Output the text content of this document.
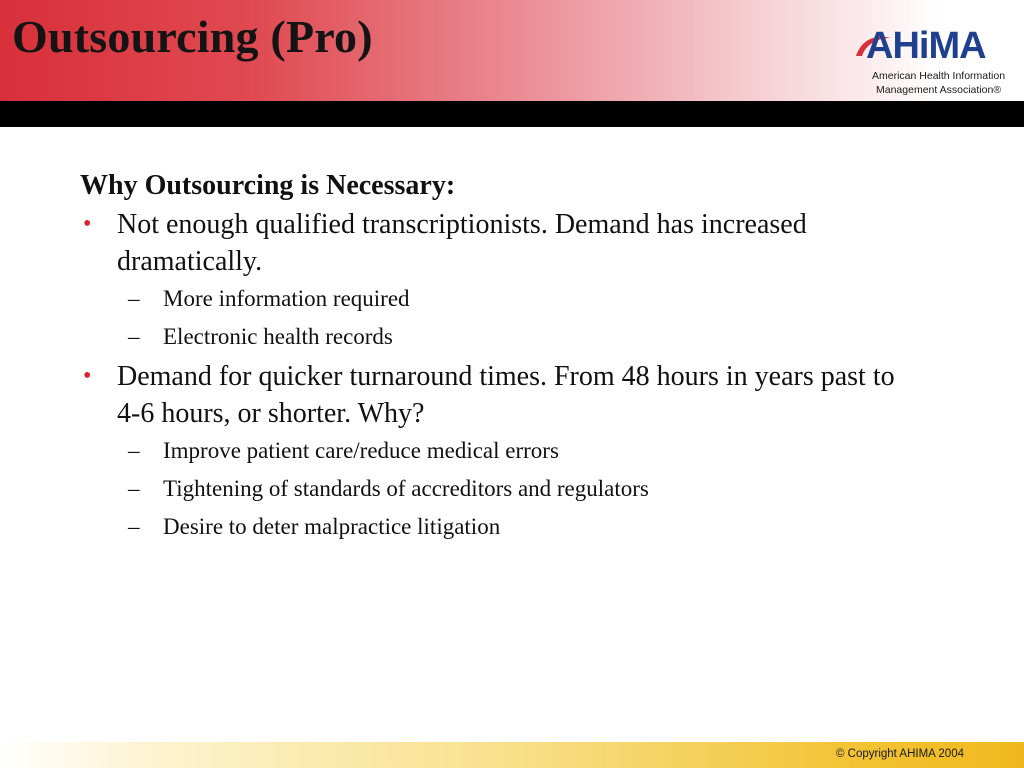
Outsourcing (Pro)	AHiMA
American Health Information
Management Association®
Why Outsourcing is Necessary:
• Not enough qualified transcriptionists. Demand has increased dramatically.
– More information required
– Electronic health records
• Demand for quicker turnaround times. From 48 hours in years past to 4-6 hours, or shorter. Why?
– Improve patient care/reduce medical errors
– Tightening of standards of accreditors and regulators
– Desire to deter malpractice litigation
© Copyright AHIMA 2004
